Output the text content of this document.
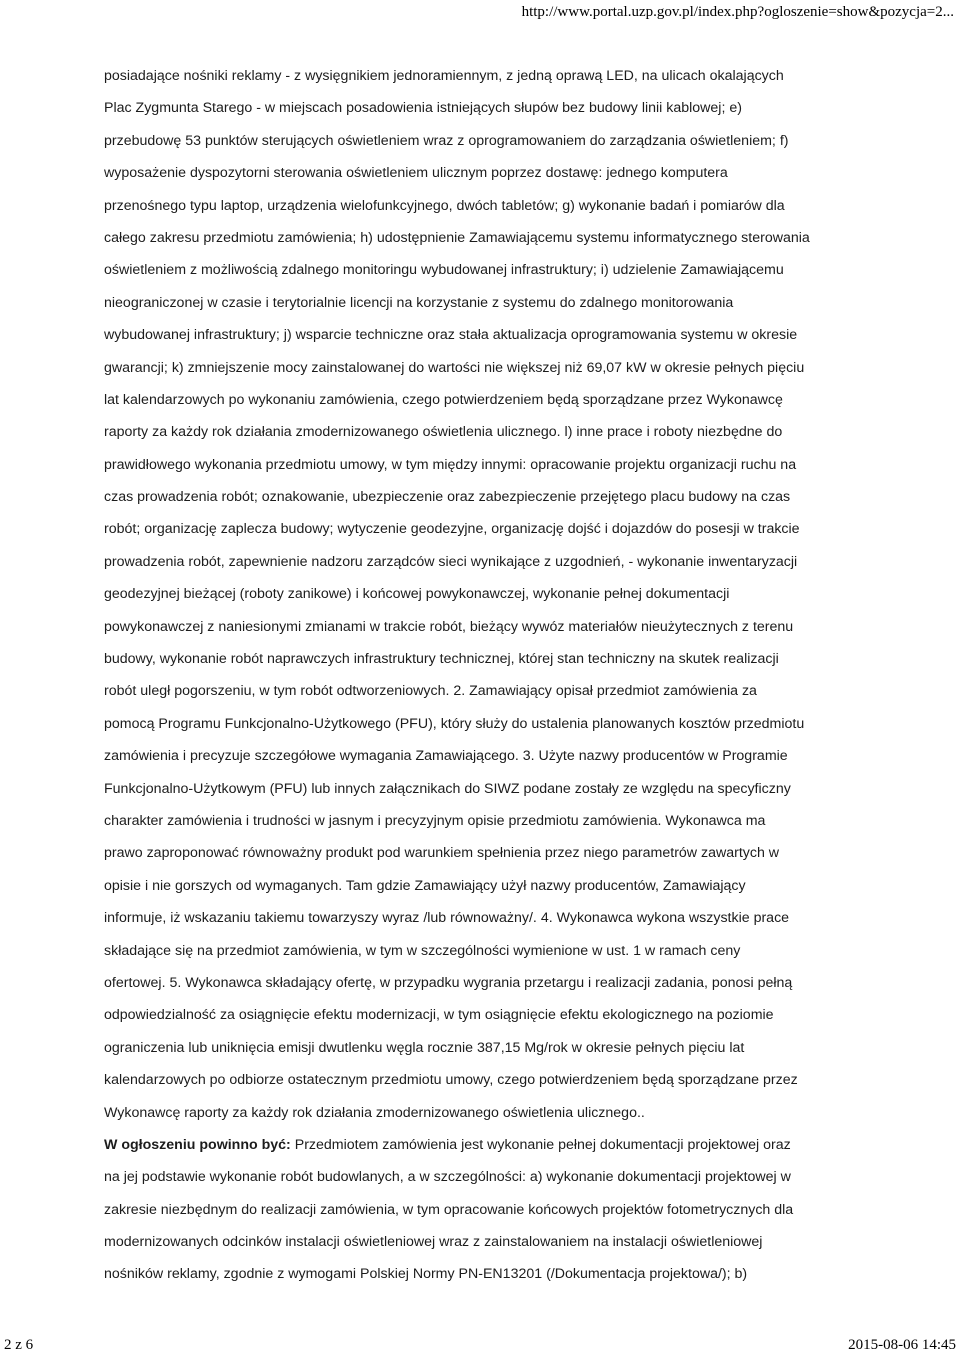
http://www.portal.uzp.gov.pl/index.php?ogloszenie=show&pozycja=2...
posiadające nośniki reklamy - z wysięgnikiem jednoramiennym, z jedną oprawą LED, na ulicach okalających
Plac Zygmunta Starego - w miejscach posadowienia istniejących słupów bez budowy linii kablowej; e)
przebudowę 53 punktów sterujących oświetleniem wraz z oprogramowaniem do zarządzania oświetleniem; f)
wyposażenie dyspozytorni sterowania oświetleniem ulicznym poprzez dostawę: jednego komputera
przenośnego typu laptop, urządzenia wielofunkcyjnego, dwóch tabletów; g) wykonanie badań i pomiarów dla
całego zakresu przedmiotu zamówienia; h) udostępnienie Zamawiającemu systemu informatycznego sterowania
oświetleniem z możliwością zdalnego monitoringu wybudowanej infrastruktury; i) udzielenie Zamawiającemu
nieograniczonej w czasie i terytorialnie licencji na korzystanie z systemu do zdalnego monitorowania
wybudowanej infrastruktury; j) wsparcie techniczne oraz stała aktualizacja oprogramowania systemu w okresie
gwarancji; k) zmniejszenie mocy zainstalowanej do wartości nie większej niż 69,07 kW w okresie pełnych pięciu
lat kalendarzowych po wykonaniu zamówienia, czego potwierdzeniem będą sporządzane przez Wykonawcę
raporty za każdy rok działania zmodernizowanego oświetlenia ulicznego. l) inne prace i roboty niezbędne do
prawidłowego wykonania przedmiotu umowy, w tym między innymi: opracowanie projektu organizacji ruchu na
czas prowadzenia robót; oznakowanie, ubezpieczenie oraz zabezpieczenie przejętego placu budowy na czas
robót; organizację zaplecza budowy; wytyczenie geodezyjne, organizację dojść i dojazdów do posesji w trakcie
prowadzenia robót, zapewnienie nadzoru zarządców sieci wynikające z uzgodnień, - wykonanie inwentaryzacji
geodezyjnej bieżącej (roboty zanikowe) i końcowej powykonawczej, wykonanie pełnej dokumentacji
powykonawczej z naniesionymi zmianami w trakcie robót, bieżący wywóz materiałów nieużytecznych z terenu
budowy, wykonanie robót naprawczych infrastruktury technicznej, której stan techniczny na skutek realizacji
robót uległ pogorszeniu, w tym robót odtworzeniowych. 2. Zamawiający opisał przedmiot zamówienia za
pomocą Programu Funkcjonalno-Użytkowego (PFU), który służy do ustalenia planowanych kosztów przedmiotu
zamówienia i precyzuje szczegółowe wymagania Zamawiającego. 3. Użyte nazwy producentów w Programie
Funkcjonalno-Użytkowym (PFU) lub innych załącznikach do SIWZ podane zostały ze względu na specyficzny
charakter zamówienia i trudności w jasnym i precyzyjnym opisie przedmiotu zamówienia. Wykonawca ma
prawo zaproponować równoważny produkt pod warunkiem spełnienia przez niego parametrów zawartych w
opisie i nie gorszych od wymaganych. Tam gdzie Zamawiający użył nazwy producentów, Zamawiający
informuje, iż wskazaniu takiemu towarzyszy wyraz /lub równoważny/. 4. Wykonawca wykona wszystkie prace
składające się na przedmiot zamówienia, w tym w szczególności wymienione w ust. 1 w ramach ceny
ofertowej. 5. Wykonawca składający ofertę, w przypadku wygrania przetargu i realizacji zadania, ponosi pełną
odpowiedzialność za osiągnięcie efektu modernizacji, w tym osiągnięcie efektu ekologicznego na poziomie
ograniczenia lub uniknięcia emisji dwutlenku węgla rocznie 387,15 Mg/rok w okresie pełnych pięciu lat
kalendarzowych po odbiorze ostatecznym przedmiotu umowy, czego potwierdzeniem będą sporządzane przez
Wykonawcę raporty za każdy rok działania zmodernizowanego oświetlenia ulicznego..
W ogłoszeniu powinno być: Przedmiotem zamówienia jest wykonanie pełnej dokumentacji projektowej oraz
na jej podstawie wykonanie robót budowlanych, a w szczególności: a) wykonanie dokumentacji projektowej w
zakresie niezbędnym do realizacji zamówienia, w tym opracowanie końcowych projektów fotometrycznych dla
modernizowanych odcinków instalacji oświetleniowej wraz z zainstalowaniem na instalacji oświetleniowej
nośników reklamy, zgodnie z wymogami Polskiej Normy PN-EN13201 (/Dokumentacja projektowa/); b)
2 z 6	2015-08-06 14:45
